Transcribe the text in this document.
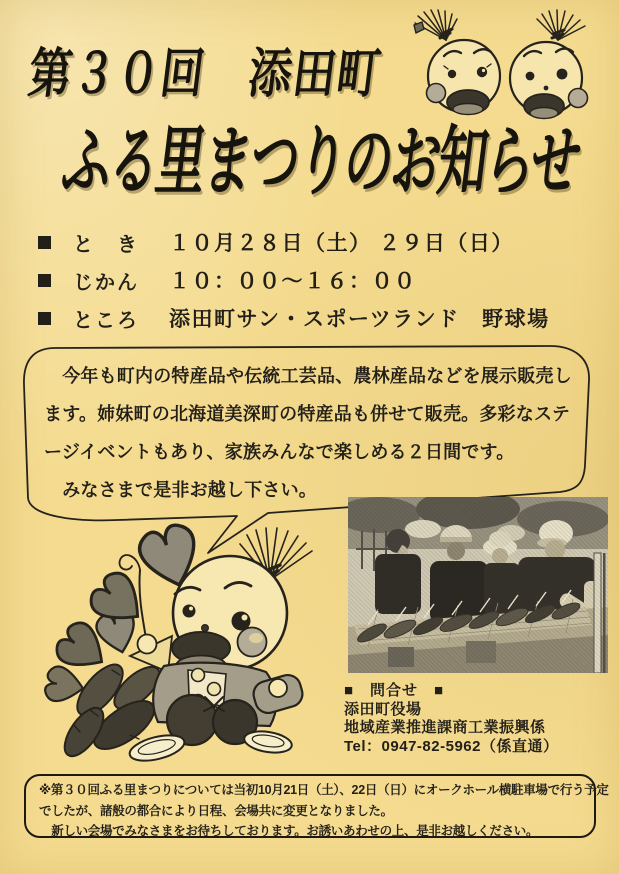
第３０回　添田町
ふる里まつりのお知らせ
と　き	１０月２８日（土） ２９日（日）
じかん	１０：００～１６：００
ところ	添田町サン・スポーツランド　野球場
　今年も町内の特産品や伝統工芸品、農林産品などを展示販売し
ます。姉妹町の北海道美深町の特産品も併せて販売。多彩なステ
ージイベントもあり、家族みんなで楽しめる２日間です。
　みなさまで是非お越し下さい。
■　問合せ　■
添田町役場
地域産業推進課商工業振興係
Tel：0947-82-5962（係直通）
※第３０回ふる里まつりについては当初10月21日（土）、22日（日）にオークホール横駐車場で行う予定
でしたが、諸般の都合により日程、会場共に変更となりました。
　新しい会場でみなさまをお待ちしております。お誘いあわせの上、是非お越しください。
